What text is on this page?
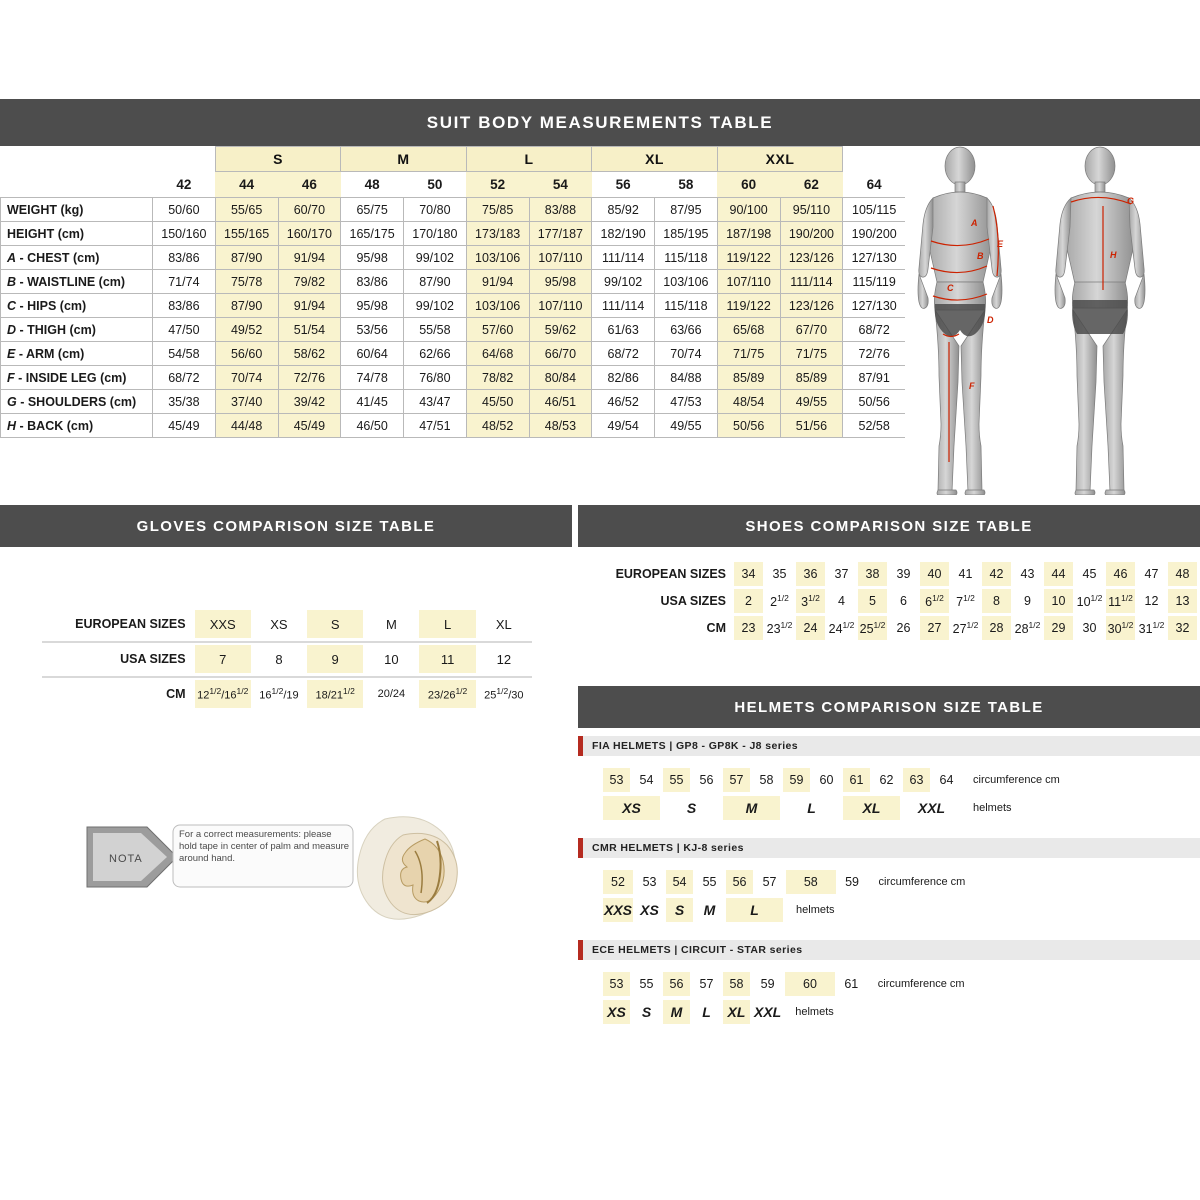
SUIT BODY MEASUREMENTS TABLE
		S		M		L		XL		XXL		
	42	44	46	48	50	52	54	56	58	60	62	64
WEIGHT (kg)	50/60	55/65	60/70	65/75	70/80	75/85	83/88	85/92	87/95	90/100	95/110	105/115
HEIGHT (cm)	150/160	155/165	160/170	165/175	170/180	173/183	177/187	182/190	185/195	187/198	190/200	190/200
A - CHEST (cm)	83/86	87/90	91/94	95/98	99/102	103/106	107/110	111/114	115/118	119/122	123/126	127/130
B - WAISTLINE (cm)	71/74	75/78	79/82	83/86	87/90	91/94	95/98	99/102	103/106	107/110	111/114	115/119
C - HIPS (cm)	83/86	87/90	91/94	95/98	99/102	103/106	107/110	111/114	115/118	119/122	123/126	127/130
D - THIGH (cm)	47/50	49/52	51/54	53/56	55/58	57/60	59/62	61/63	63/66	65/68	67/70	68/72
E - ARM (cm)	54/58	56/60	58/62	60/64	62/66	64/68	66/70	68/72	70/74	71/75	71/75	72/76
F - INSIDE LEG (cm)	68/72	70/74	72/76	74/78	76/80	78/82	80/84	82/86	84/88	85/89	85/89	87/91
G - SHOULDERS (cm)	35/38	37/40	39/42	41/45	43/47	45/50	46/51	46/52	47/53	48/54	49/55	50/56
H - BACK (cm)	45/49	44/48	45/49	46/50	47/51	48/52	48/53	49/54	49/55	50/56	51/56	52/58
A
B
C
D
E
F
G
H
GLOVES COMPARISON SIZE TABLE
EUROPEAN SIZES	XXS	XS	S	M	L	XL

USA SIZES	7	8	9	10	11	12

CM	$12^{1/2}/16^{1/2}$	$16^{1/2}/19$	$18/21^{1/2}$	20/24	$23/26^{1/2}$	$25^{1/2}/30$
NOTA
For a correct measurements: please hold tape in center of palm and measure around hand.
SHOES COMPARISON SIZE TABLE
EUROPEAN SIZES	34	35	36	37	38	39	40	41	42	43	44	45	46	47	48
USA SIZES	2	$2^{1/2}$	$3^{1/2}$	4	5	6	$6^{1/2}$	$7^{1/2}$	8	9	10	$10^{1/2}$	$11^{1/2}$	12	13
CM	23	$23^{1/2}$	24	$24^{1/2}$	$25^{1/2}$	26	27	$27^{1/2}$	28	$28^{1/2}$	29	30	$30^{1/2}$	$31^{1/2}$	32
HELMETS COMPARISON SIZE TABLE
FIA HELMETS | GP8 - GP8K - J8 series
53	54	55	56	57	58	59	60	61	62	63	64	circumference cm
XS		S		M		L		XL		XXL		helmets
CMR HELMETS | KJ-8 series
52	53	54	55	56	57	58	59	circumference cm
XXS	XS	S	M	L		helmets		
ECE HELMETS | CIRCUIT - STAR series
53	55	56	57	58	59	60	61	circumference cm
XS	S	M	L	XL	XXL	helmets		
